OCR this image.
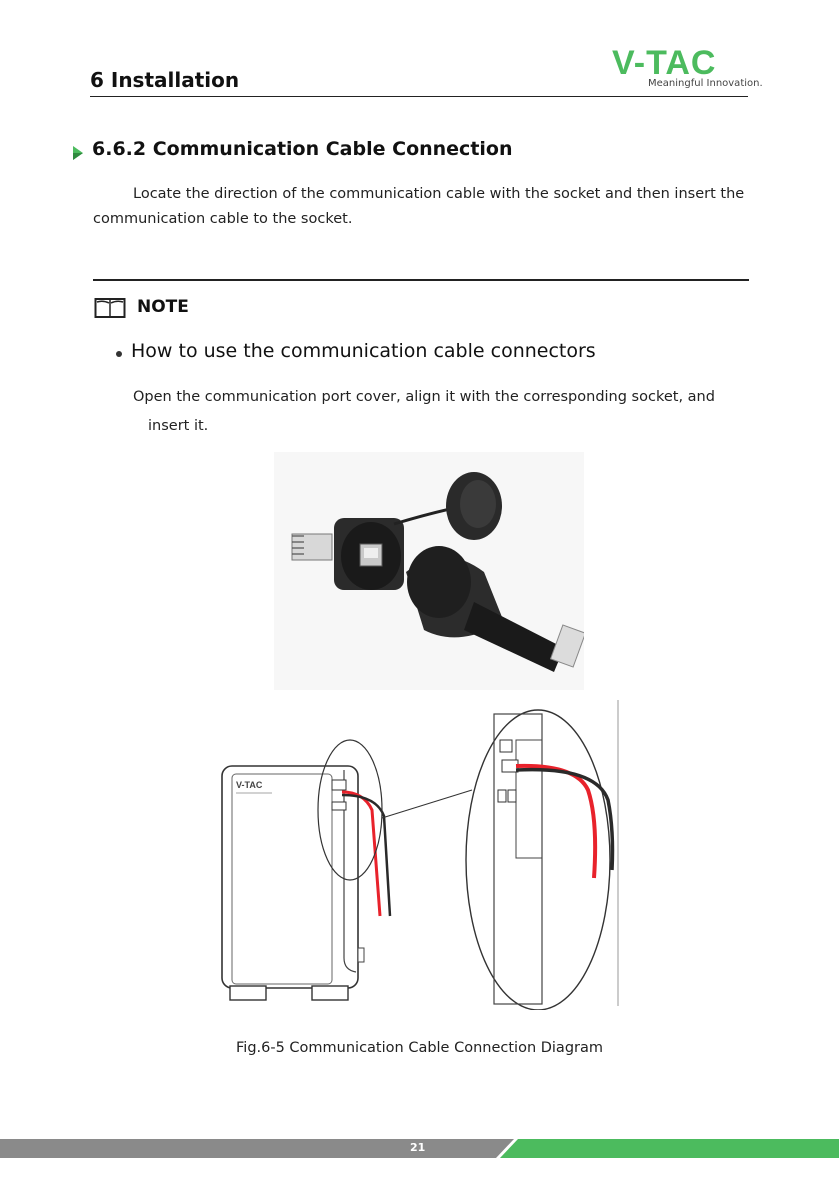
6 Installation	V-TAC
Meaningful Innovation.
6.6.2 Communication Cable Connection
Locate the direction of the communication cable with the socket and then insert the communication cable to the socket.
NOTE
How to use the communication cable connectors
Open the communication port cover, align it with the corresponding socket, and
insert it.
V-TAC
Fig.6-5 Communication Cable Connection Diagram
21
